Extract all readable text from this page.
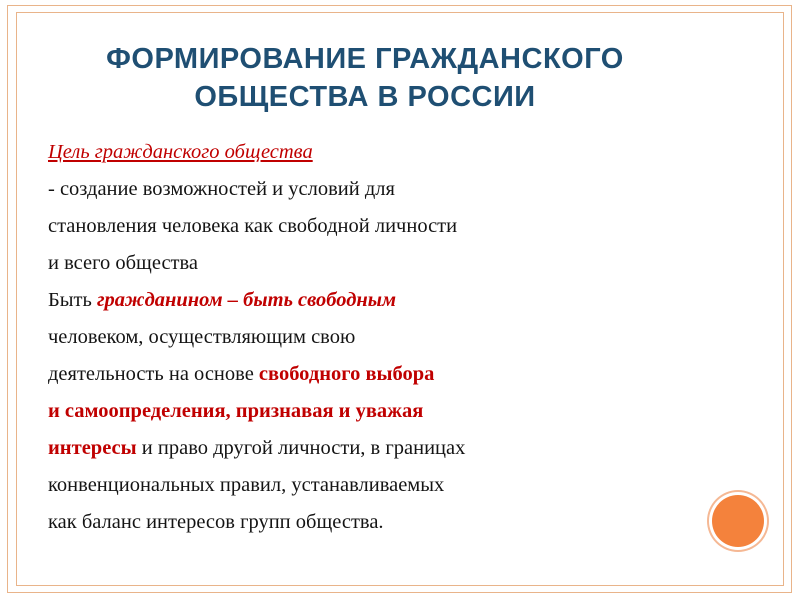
ФОРМИРОВАНИЕ ГРАЖДАНСКОГО
ОБЩЕСТВА В РОССИИ
Цель гражданского общества
- создание возможностей и условий для
становления человека как свободной личности
и всего общества
Быть гражданином – быть свободным
человеком, осуществляющим свою
деятельность на основе свободного выбора
и самоопределения, признавая и уважая
интересы и право другой личности, в границах
конвенциональных правил, устанавливаемых
как баланс интересов групп общества.
